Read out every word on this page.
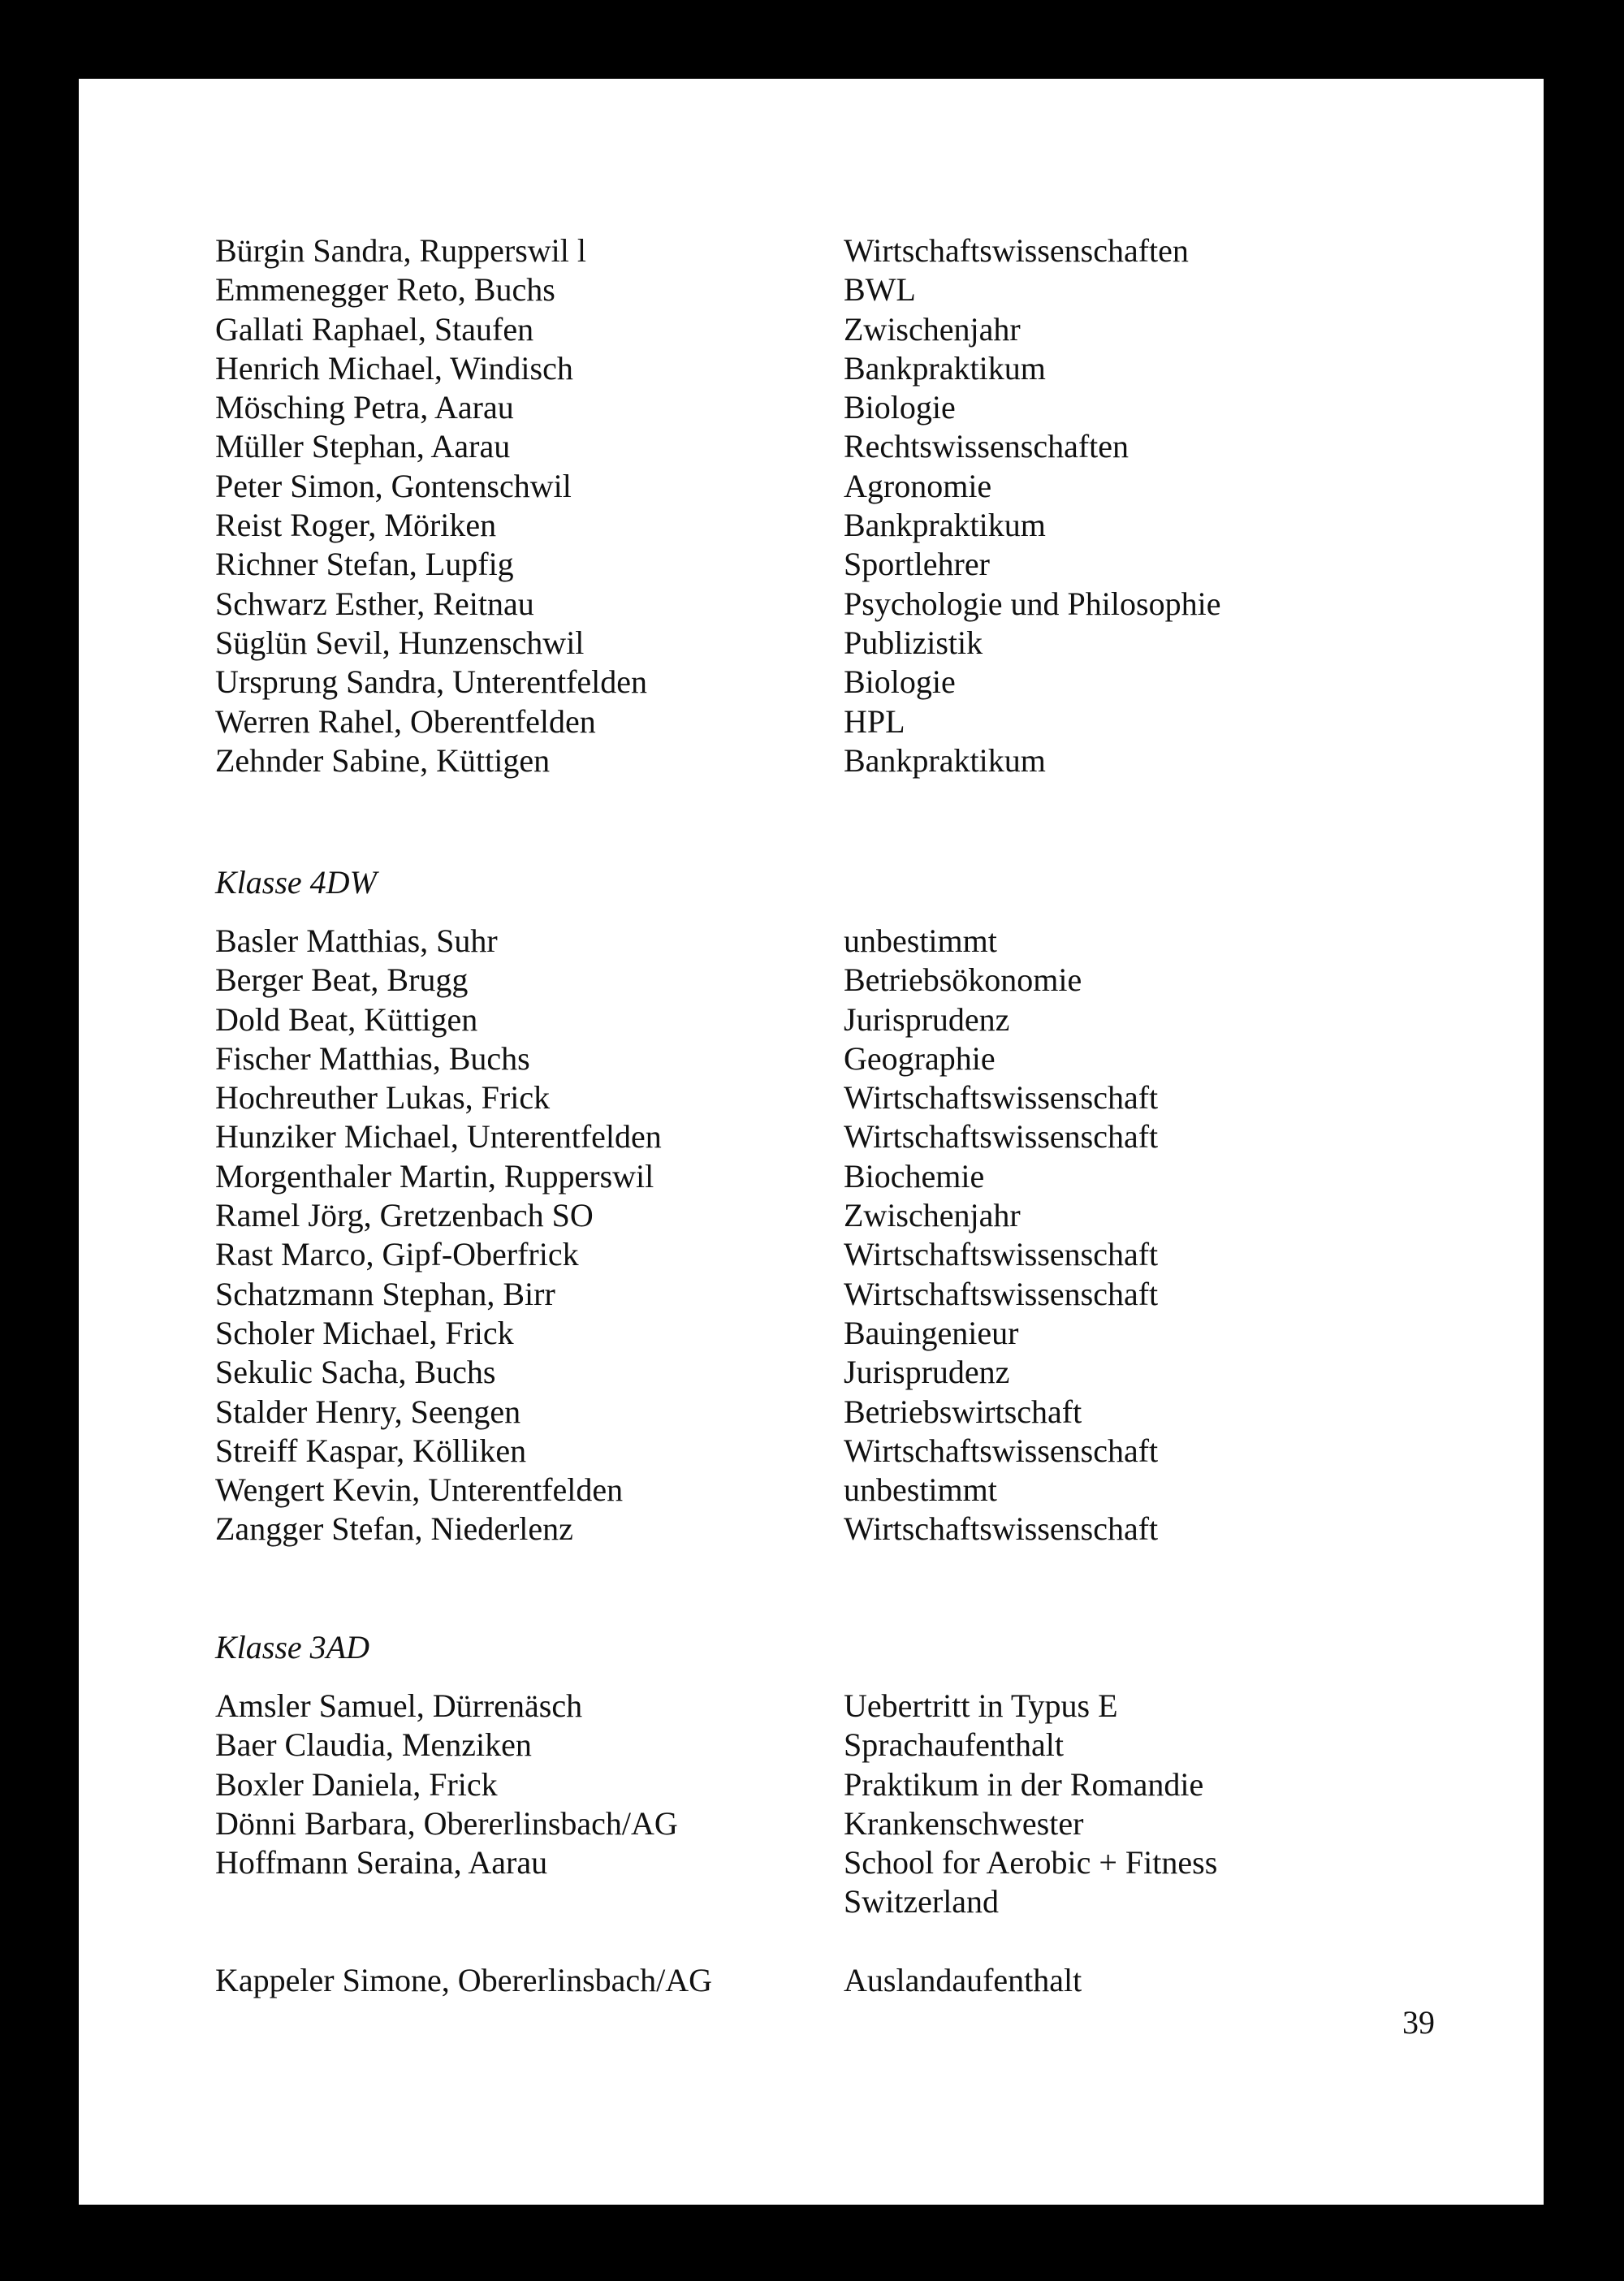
Bürgin Sandra, Rupperswil l	Wirtschaftswissenschaften
Emmenegger Reto, Buchs	BWL
Gallati Raphael, Staufen	Zwischenjahr
Henrich Michael, Windisch	Bankpraktikum
Mösching Petra, Aarau	Biologie
Müller Stephan, Aarau	Rechtswissenschaften
Peter Simon, Gontenschwil	Agronomie
Reist Roger, Möriken	Bankpraktikum
Richner Stefan, Lupfig	Sportlehrer
Schwarz Esther, Reitnau	Psychologie und Philosophie
Süglün Sevil, Hunzenschwil	Publizistik
Ursprung Sandra, Unterentfelden	Biologie
Werren Rahel, Oberentfelden	HPL
Zehnder Sabine, Küttigen	Bankpraktikum
Klasse 4DW
Basler Matthias, Suhr	unbestimmt
Berger Beat, Brugg	Betriebsökonomie
Dold Beat, Küttigen	Jurisprudenz
Fischer Matthias, Buchs	Geographie
Hochreuther Lukas, Frick	Wirtschaftswissenschaft
Hunziker Michael, Unterentfelden	Wirtschaftswissenschaft
Morgenthaler Martin, Rupperswil	Biochemie
Ramel Jörg, Gretzenbach SO	Zwischenjahr
Rast Marco, Gipf-Oberfrick	Wirtschaftswissenschaft
Schatzmann Stephan, Birr	Wirtschaftswissenschaft
Scholer Michael, Frick	Bauingenieur
Sekulic Sacha, Buchs	Jurisprudenz
Stalder Henry, Seengen	Betriebswirtschaft
Streiff Kaspar, Kölliken	Wirtschaftswissenschaft
Wengert Kevin, Unterentfelden	unbestimmt
Zangger Stefan, Niederlenz	Wirtschaftswissenschaft
Klasse 3AD
Amsler Samuel, Dürrenäsch	Uebertritt in Typus E
Baer Claudia, Menziken	Sprachaufenthalt
Boxler Daniela, Frick	Praktikum in der Romandie
Dönni Barbara, Obererlinsbach/AG	Krankenschwester
Hoffmann Seraina, Aarau	School for Aerobic + Fitness
Switzerland
Kappeler Simone, Obererlinsbach/AG	Auslandaufenthalt
39
